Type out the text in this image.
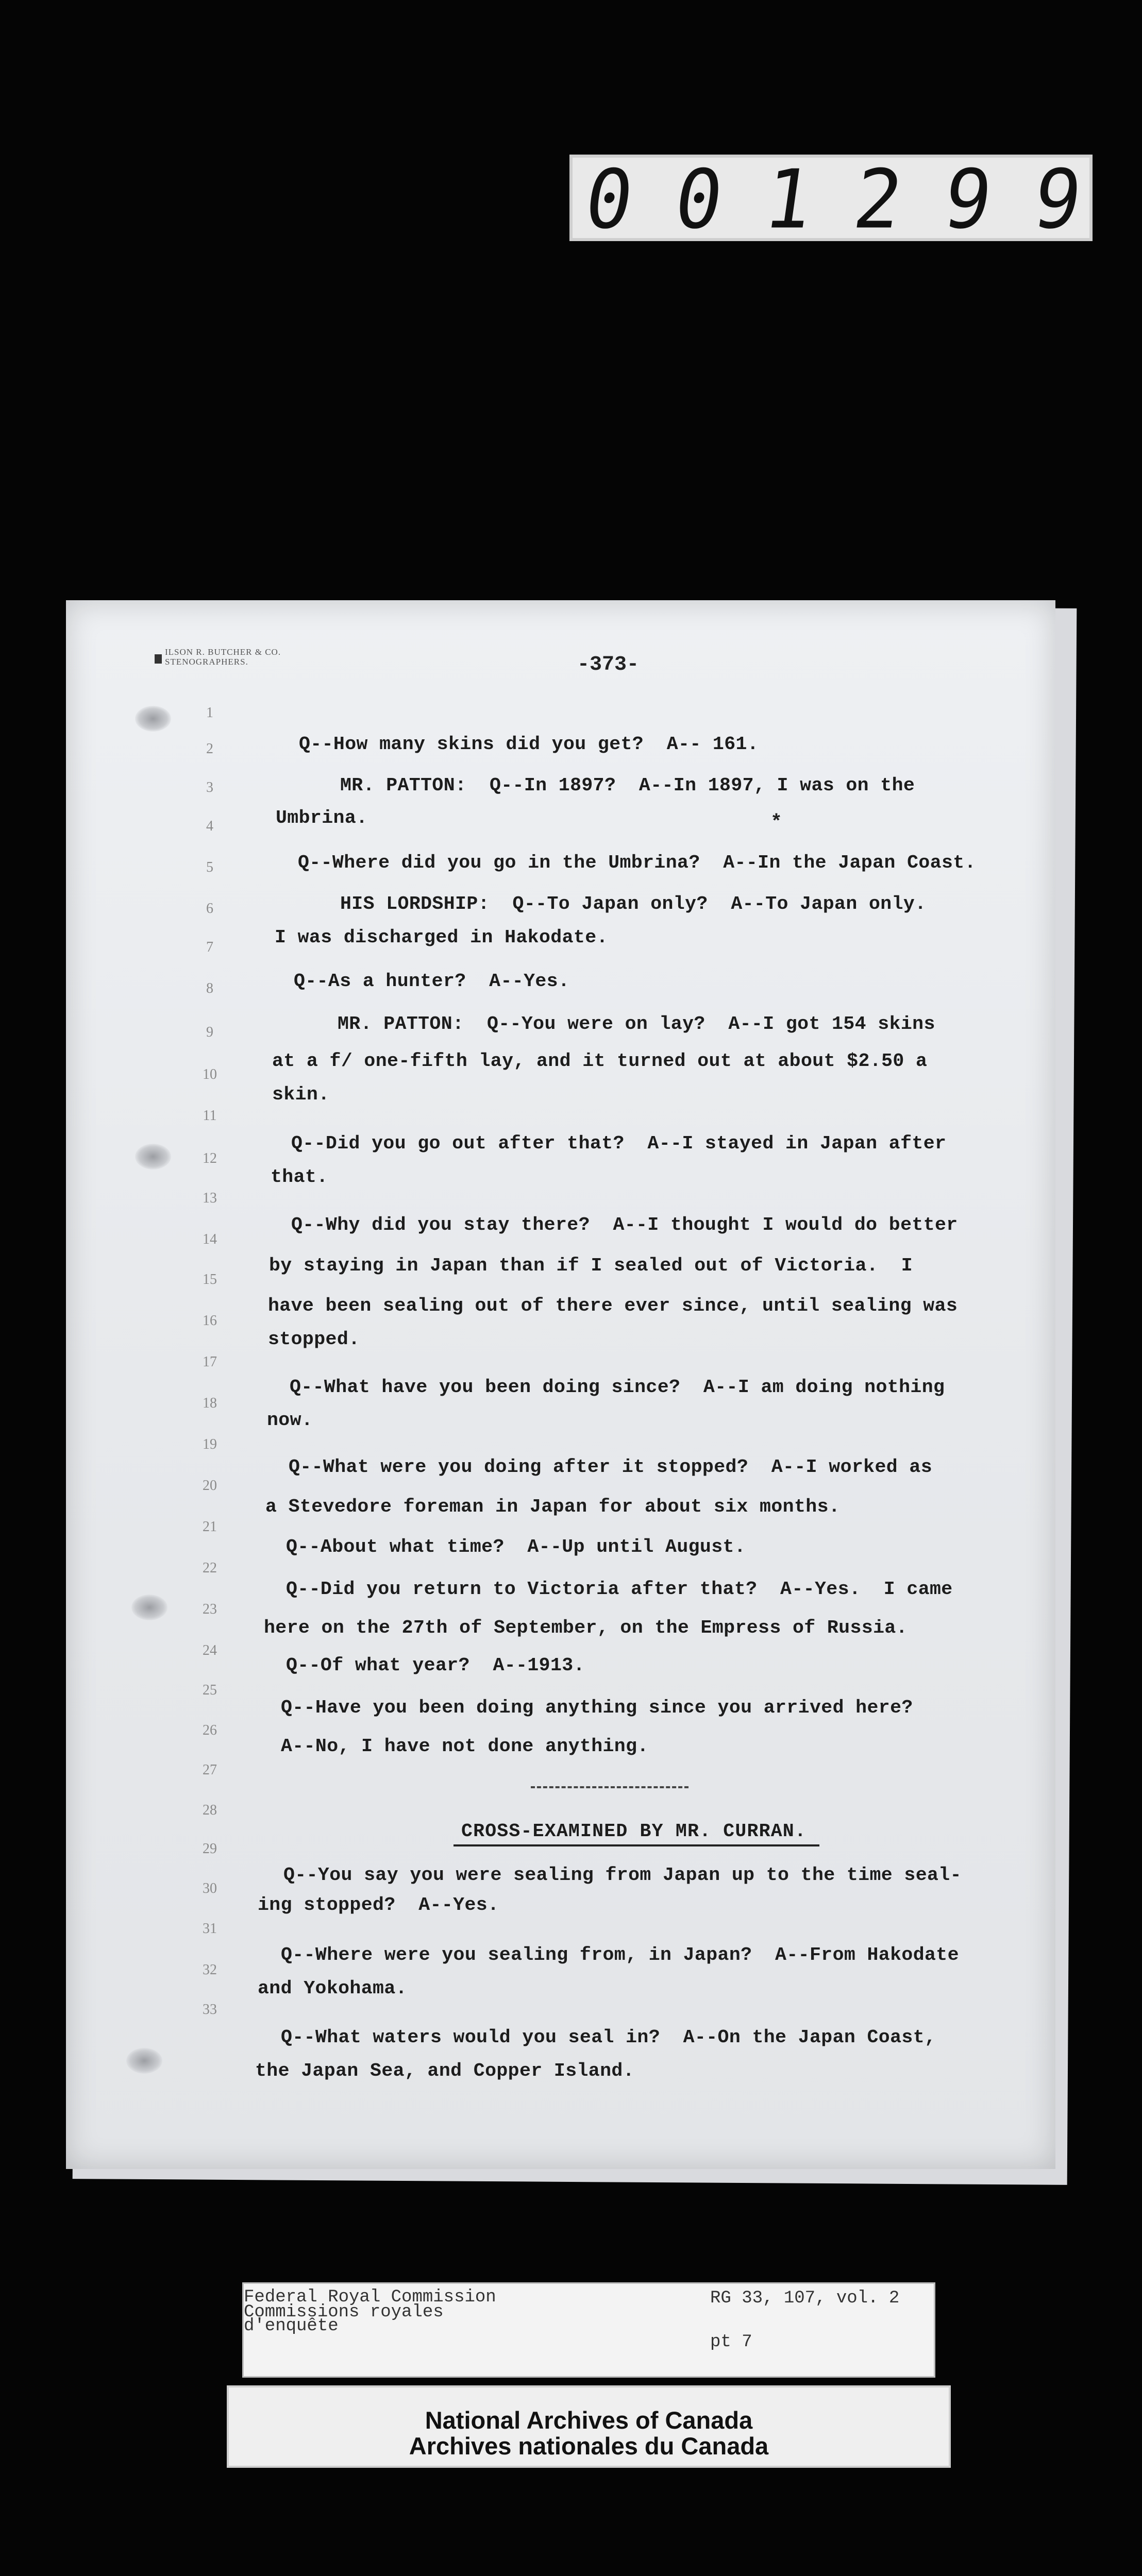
0 0 1 2 9 9
ILSON R. BUTCHER & CO.
STENOGRAPHERS.	-373-
1
2
3
4
5
6
7
8
9
10
11
12
13
14
15
16
17
18
19
20
21
22
23
24
25
26
27
28
29
30
31
32
33
Q--How many skins did you get?  A-- 161.
MR. PATTON:  Q--In 1897?  A--In 1897, I was on the
Umbrina.
Q--Where did you go in the Umbrina?  A--In the Japan Coast.
HIS LORDSHIP:  Q--To Japan only?  A--To Japan only.
I was discharged in Hakodate.
Q--As a hunter?  A--Yes.
MR. PATTON:  Q--You were on lay?  A--I got 154 skins
at a f/ one-fifth lay, and it turned out at about $2.50 a
skin.
Q--Did you go out after that?  A--I stayed in Japan after
that.
Q--Why did you stay there?  A--I thought I would do better
by staying in Japan than if I sealed out of Victoria.  I
have been sealing out of there ever since, until sealing was
stopped.
Q--What have you been doing since?  A--I am doing nothing
now.
Q--What were you doing after it stopped?  A--I worked as
a Stevedore foreman in Japan for about six months.
Q--About what time?  A--Up until August.
Q--Did you return to Victoria after that?  A--Yes.  I came
here on the 27th of September, on the Empress of Russia.
Q--Of what year?  A--1913.
Q--Have you been doing anything since you arrived here?
A--No, I have not done anything.
CROSS-EXAMINED BY MR. CURRAN.
Q--You say you were sealing from Japan up to the time seal-
ing stopped?  A--Yes.
Q--Where were you sealing from, in Japan?  A--From Hakodate
and Yokohama.
Q--What waters would you seal in?  A--On the Japan Coast,
the Japan Sea, and Copper Island.
*
Federal Royal Commission
Commissions royales
d'enquête
RG 33, 107, vol. 2
pt 7
National Archives of Canada
Archives nationales du Canada
